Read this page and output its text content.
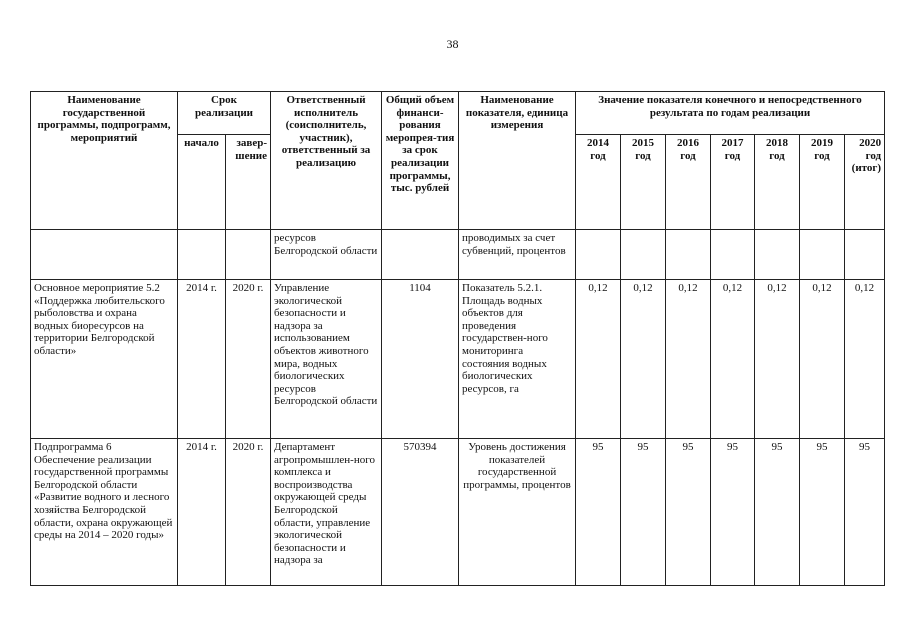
38
Наименование государственной программы, подпрограмм, мероприятий	Срок реализации		Ответственный исполнитель (соисполнитель, участник), ответственный за реализацию	Общий объем финанси-рования меропрея-тия за срок реализации программы, тыс. рублей	Наименование показателя, единица измерения	Значение показателя конечного и непосредственного результата по годам реализации						
	начало	завер-шение				2014 год	2015 год	2016 год	2017 год	2018 год	2019 год	2020 год (итог)
			ресурсов Белгородской области		проводимых за счет субвенций, процентов							
Основное мероприятие 5.2 «Поддержка любительского рыболовства и охрана водных биоресурсов на территории Белгородской области»	2014 г.	2020 г.	Управление экологической безопасности и надзора за использованием объектов животного мира, водных биологических ресурсов Белгородской области	1104	Показатель 5.2.1. Площадь водных объектов для проведения государствен-ного мониторинга состояния водных биологических ресурсов, га	0,12	0,12	0,12	0,12	0,12	0,12	0,12
Подпрограмма 6 Обеспечение реализации государственной программы Белгородской области «Развитие водного и лесного хозяйства Белгородской области, охрана окружающей среды на 2014 – 2020 годы»	2014 г.	2020 г.	Департамент агропромышлен-ного комплекса и воспроизводства окружающей среды Белгородской области, управление экологической безопасности и надзора за	570394	Уровень достижения показателей государственной программы, процентов	95	95	95	95	95	95	95
